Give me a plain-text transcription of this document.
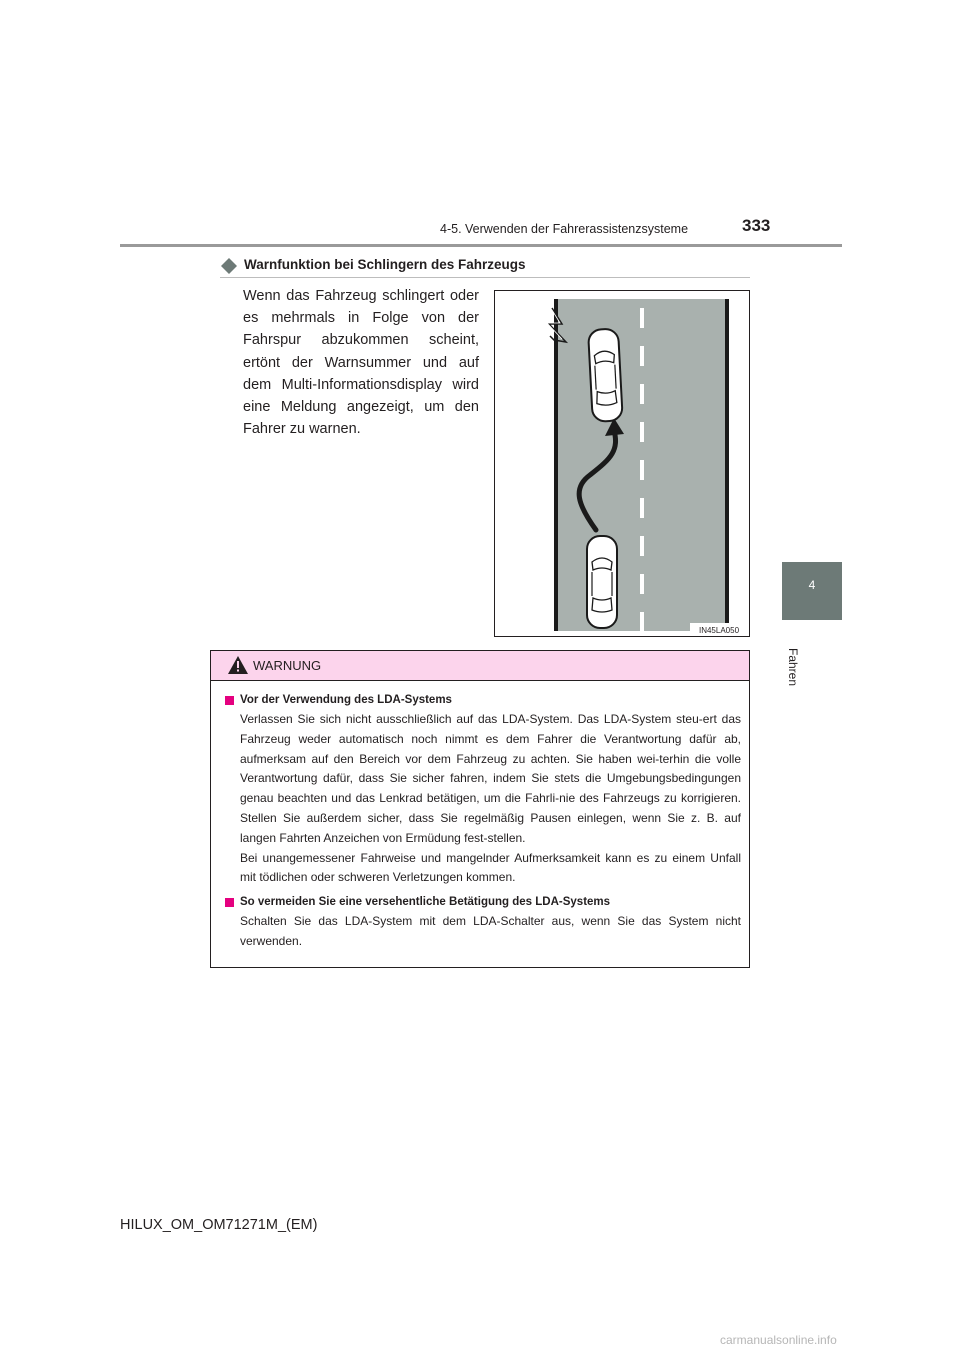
4-5. Verwenden der Fahrerassistenzsysteme	333
4
Fahren
Warnfunktion bei Schlingern des Fahrzeugs
Wenn das Fahrzeug schlingert oder es mehrmals in Folge von der Fahrspur abzukommen scheint, ertönt der Warnsummer und auf dem Multi-Informationsdisplay wird eine Meldung angezeigt, um den Fahrer zu warnen.
IN45LA050
WARNUNG
Vor der Verwendung des LDA-Systems
Verlassen Sie sich nicht ausschließlich auf das LDA-System. Das LDA-System steu-ert das Fahrzeug weder automatisch noch nimmt es dem Fahrer die Verantwortung dafür ab, aufmerksam auf den Bereich vor dem Fahrzeug zu achten. Sie haben wei-terhin die volle Verantwortung dafür, dass Sie sicher fahren, indem Sie stets die Umgebungsbedingungen genau beachten und das Lenkrad betätigen, um die Fahrli-nie des Fahrzeugs zu korrigieren. Stellen Sie außerdem sicher, dass Sie regelmäßig Pausen einlegen, wenn Sie z. B. auf langen Fahrten Anzeichen von Ermüdung fest-stellen.
Bei unangemessener Fahrweise und mangelnder Aufmerksamkeit kann es zu einem Unfall mit tödlichen oder schweren Verletzungen kommen.
So vermeiden Sie eine versehentliche Betätigung des LDA-Systems
Schalten Sie das LDA-System mit dem LDA-Schalter aus, wenn Sie das System nicht verwenden.
HILUX_OM_OM71271M_(EM)
carmanualsonline.info
